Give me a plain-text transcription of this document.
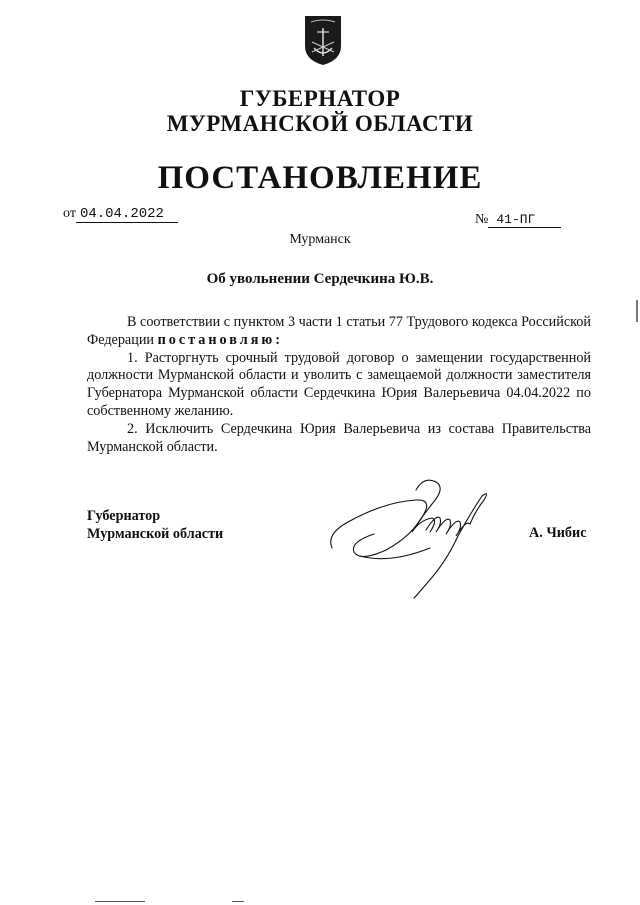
ГУБЕРНАТОР
МУРМАНСКОЙ ОБЛАСТИ
ПОСТАНОВЛЕНИЕ
от 04.04.2022	№ 41-ПГ
Мурманск
Об увольнении Сердечкина Ю.В.

В соответствии с пунктом 3 части 1 статьи 77 Трудового кодекса Российской Федерации постановляю:

1. Расторгнуть срочный трудовой договор о замещении государственной должности Мурманской области и уволить с замещаемой должности заместителя Губернатора Мурманской области Сердечкина Юрия Валерьевича 04.04.2022 по собственному желанию.

2. Исключить Сердечкина Юрия Валерьевича из состава Правительства Мурманской области.

Губернатор
Мурманской области	А. Чибис
